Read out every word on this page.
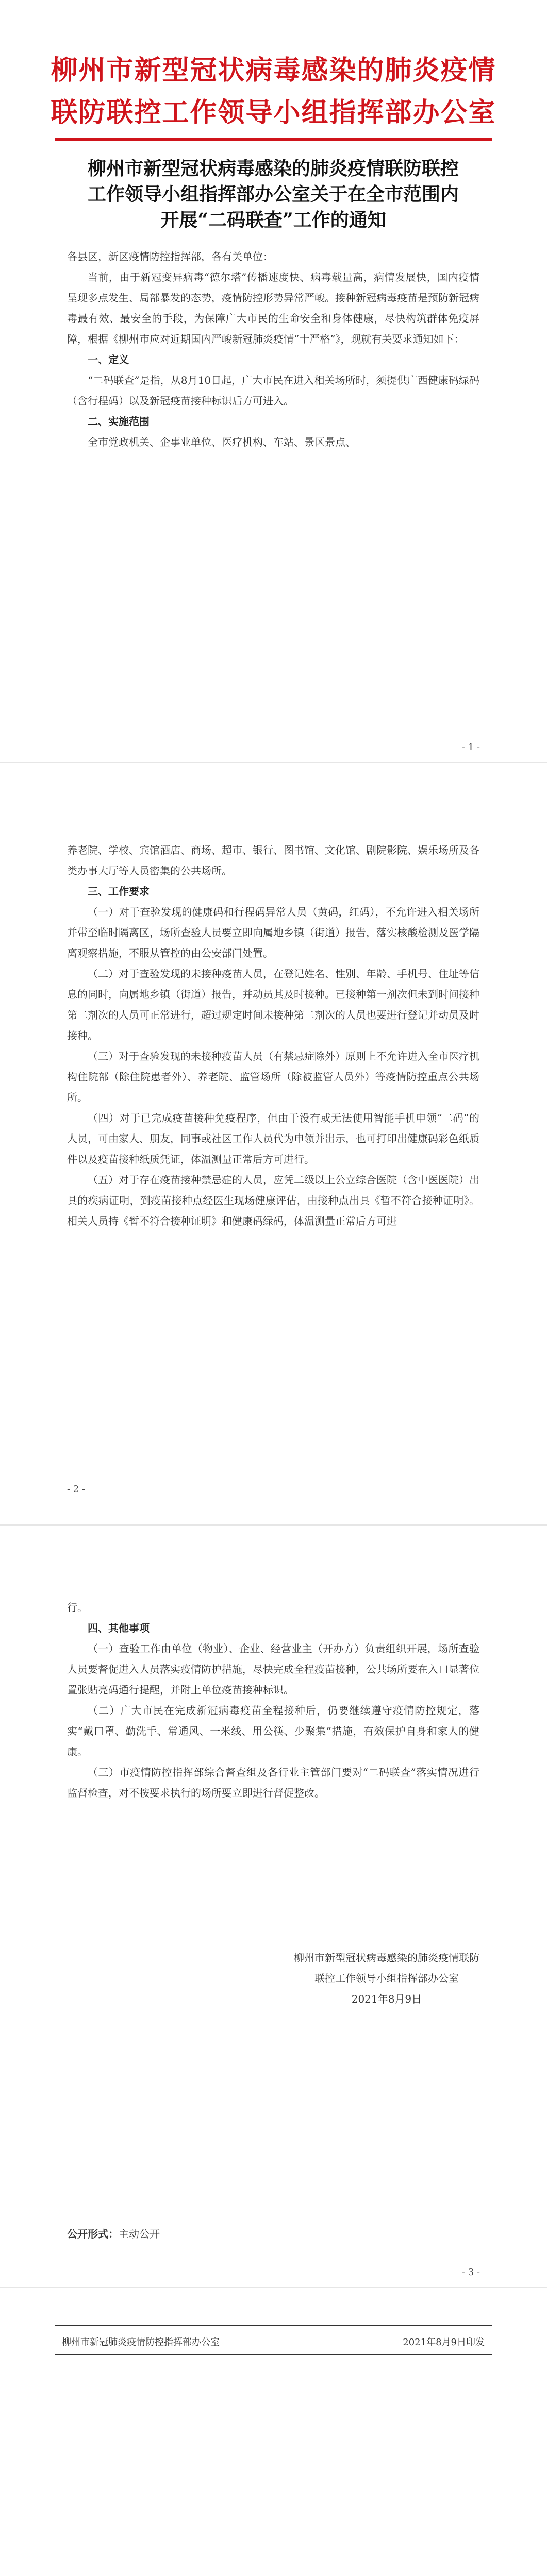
柳州市新型冠状病毒感染的肺炎疫情
联防联控工作领导小组指挥部办公室
柳州市新型冠状病毒感染的肺炎疫情联防联控
工作领导小组指挥部办公室关于在全市范围内
开展“二码联查”工作的通知

各县区，新区疫情防控指挥部，各有关单位：

当前，由于新冠变异病毒“德尔塔”传播速度快、病毒载量高，病情发展快，国内疫情呈现多点发生、局部暴发的态势，疫情防控形势异常严峻。接种新冠病毒疫苗是预防新冠病毒最有效、最安全的手段，为保障广大市民的生命安全和身体健康，尽快构筑群体免疫屏障，根据《柳州市应对近期国内严峻新冠肺炎疫情“十严格”》，现就有关要求通知如下：

一、定义

“二码联查”是指，从8月10日起，广大市民在进入相关场所时，须提供广西健康码绿码（含行程码）以及新冠疫苗接种标识后方可进入。

二、实施范围

全市党政机关、企事业单位、医疗机构、车站、景区景点、

- 1 -

养老院、学校、宾馆酒店、商场、超市、银行、图书馆、文化馆、剧院影院、娱乐场所及各类办事大厅等人员密集的公共场所。

三、工作要求

（一）对于查验发现的健康码和行程码异常人员（黄码，红码），不允许进入相关场所并带至临时隔离区，场所查验人员要立即向属地乡镇（街道）报告，落实核酸检测及医学隔离观察措施，不服从管控的由公安部门处置。

（二）对于查验发现的未接种疫苗人员，在登记姓名、性别、年龄、手机号、住址等信息的同时，向属地乡镇（街道）报告，并动员其及时接种。已接种第一剂次但未到时间接种第二剂次的人员可正常进行，超过规定时间未接种第二剂次的人员也要进行登记并动员及时接种。

（三）对于查验发现的未接种疫苗人员（有禁忌症除外）原则上不允许进入全市医疗机构住院部（除住院患者外）、养老院、监管场所（除被监管人员外）等疫情防控重点公共场所。

（四）对于已完成疫苗接种免疫程序，但由于没有或无法使用智能手机申领“二码”的人员，可由家人、朋友，同事或社区工作人员代为申领并出示，也可打印出健康码彩色纸质件以及疫苗接种纸质凭证，体温测量正常后方可进行。

（五）对于存在疫苗接种禁忌症的人员，应凭二级以上公立综合医院（含中医医院）出具的疾病证明，到疫苗接种点经医生现场健康评估，由接种点出具《暂不符合接种证明》。相关人员持《暂不符合接种证明》和健康码绿码，体温测量正常后方可进

- 2 -

行。

四、其他事项

（一）查验工作由单位（物业）、企业、经营业主（开办方）负责组织开展，场所查验人员要督促进入人员落实疫情防护措施，尽快完成全程疫苗接种，公共场所要在入口显著位置张贴亮码通行提醒，并附上单位疫苗接种标识。

（二）广大市民在完成新冠病毒疫苗全程接种后，仍要继续遵守疫情防控规定，落实“戴口罩、勤洗手、常通风、一米线、用公筷、少聚集”措施，有效保护自身和家人的健康。

（三）市疫情防控指挥部综合督查组及各行业主管部门要对“二码联查”落实情况进行监督检查，对不按要求执行的场所要立即进行督促整改。

柳州市新型冠状病毒感染的肺炎疫情联防
联控工作领导小组指挥部办公室
2021年8月9日
公开形式：主动公开
- 3 -
柳州市新冠肺炎疫情防控指挥部办公室	2021年8月9日印发
